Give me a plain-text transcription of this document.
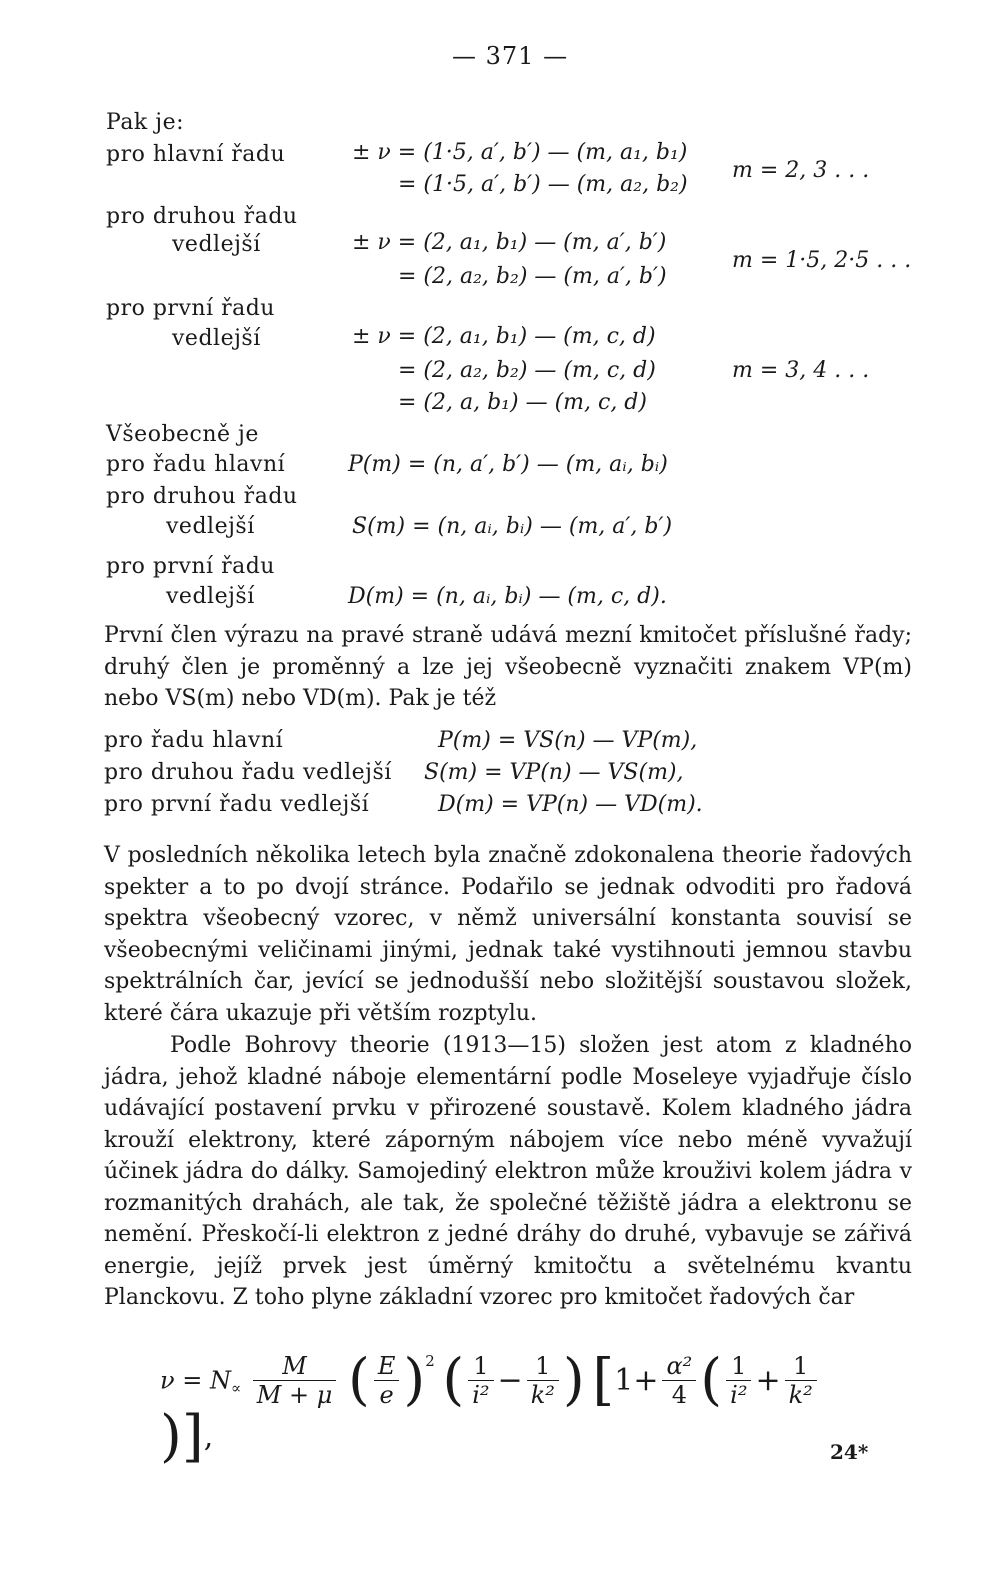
— 371 —
Pak je:
pro hlavní řadu	± ν = (1·5, a′, b′) — (m, a₁, b₁)
= (1·5, a′, b′) — (m, a₂, b₂)
m = 2, 3 . . .
pro druhou řadu
vedlejší	± ν = (2, a₁, b₁) — (m, a′, b′)
= (2, a₂, b₂) — (m, a′, b′)
m = 1·5, 2·5 . . .
pro první řadu
vedlejší	± ν = (2, a₁, b₁) — (m, c, d)
= (2, a₂, b₂) — (m, c, d)
= (2, a, b₁) — (m, c, d)
m = 3, 4 . . .
Všeobecně je
pro řadu hlavní	P(m) = (n, a′, b′) — (m, aᵢ, bᵢ)
pro druhou řadu
vedlejší	S(m) = (n, aᵢ, bᵢ) — (m, a′, b′)
pro první řadu
vedlejší	D(m) = (n, aᵢ, bᵢ) — (m, c, d).
První člen výrazu na pravé straně udává mezní kmitočet příslušné řady; druhý člen je proměnný a lze jej všeobecně vyznačiti znakem VP(m) nebo VS(m) nebo VD(m). Pak je též
pro řadu hlavní	P(m) = VS(n) — VP(m),
pro druhou řadu vedlejší S(m) = VP(n) — VS(m),
pro první řadu vedlejší	D(m) = VP(n) — VD(m).
V posledních několika letech byla značně zdokonalena theorie řadových spekter a to po dvojí stránce. Podařilo se jednak odvoditi pro řadová spektra všeobecný vzorec, v němž universální konstanta souvisí se všeobecnými veličinami jinými, jednak také vystihnouti jemnou stavbu spektrálních čar, jevící se jednodušší nebo složitější soustavou složek, které čára ukazuje při větším rozptylu.
Podle Bohrovy theorie (1913—15) složen jest atom z kladného jádra, jehož kladné náboje elementární podle Moseleye vyjadřuje číslo udávající postavení prvku v přirozené soustavě. Kolem kladného jádra krouží elektrony, které záporným nábojem více nebo méně vyvažují účinek jádra do dálky. Samojediný elektron může krouživi kolem jádra v rozmanitých drahách, ale tak, že společné těžiště jádra a elektronu se nemění. Přeskočí-li elektron z jedné dráhy do druhé, vybavuje se zářivá energie, jejíž prvek jest úměrný kmitočtu a světelnému kvantu Planckovu. Z toho plyne základní vzorec pro kmitočet řadových čar
$\nu = N_\propto \frac{M}{M + \mu}$ ( $\frac{E}{e} )^2$ ( $\frac{1}{\text{i²}} - \frac{1}{\text{k²}}$ ) [$1+ \frac{\text{α²}}{4}$ ( $\frac{1}{\text{i²}} + \frac{1}{\text{k²}}$
)],	24*
